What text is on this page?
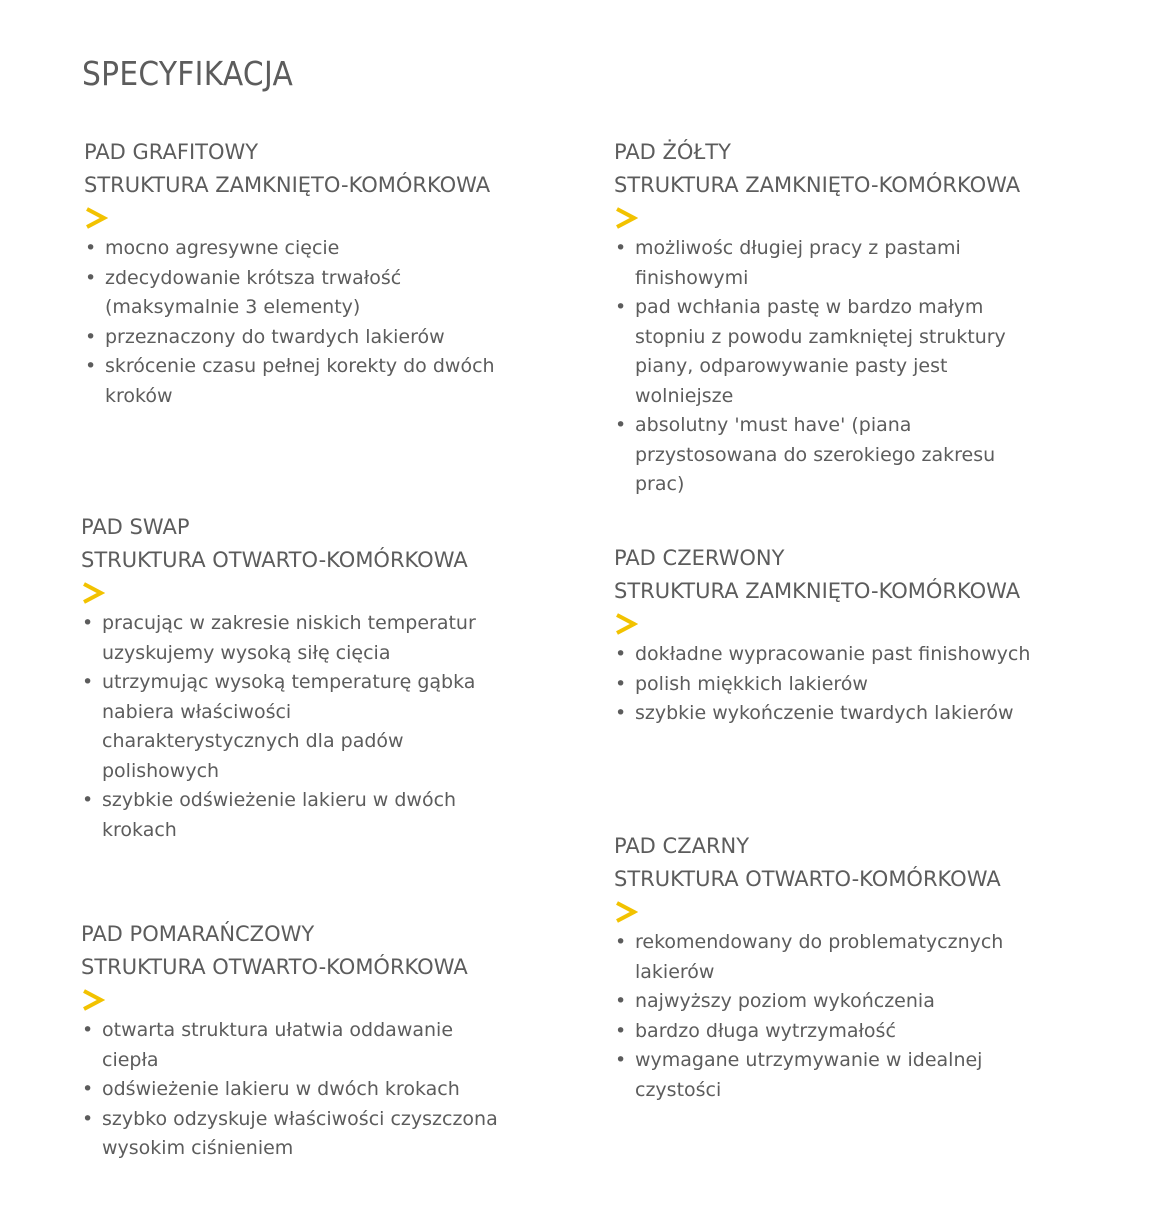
SPECYFIKACJA
PAD GRAFITOWY
STRUKTURA ZAMKNIĘTO-KOMÓRKOWA
• mocno agresywne cięcie
• zdecydowanie krótsza trwałość (maksymalnie 3 elementy)
• przeznaczony do twardych lakierów
• skrócenie czasu pełnej korekty do dwóch kroków
PAD ŻÓŁTY
STRUKTURA ZAMKNIĘTO-KOMÓRKOWA
• możliwośc długiej pracy z pastami finishowymi
• pad wchłania pastę w bardzo małym stopniu z powodu zamkniętej struktury piany, odparowywanie pasty jest wolniejsze
• absolutny 'must have' (piana przystosowana do szerokiego zakresu prac)
PAD SWAP
STRUKTURA OTWARTO-KOMÓRKOWA
• pracując w zakresie niskich temperatur uzyskujemy wysoką siłę cięcia
• utrzymując wysoką temperaturę gąbka nabiera właściwości charakterystycznych dla padów polishowych
• szybkie odświeżenie lakieru w dwóch krokach
PAD CZERWONY
STRUKTURA ZAMKNIĘTO-KOMÓRKOWA
• dokładne wypracowanie past finishowych
• polish miękkich lakierów
• szybkie wykończenie twardych lakierów
PAD POMARAŃCZOWY
STRUKTURA OTWARTO-KOMÓRKOWA
• otwarta struktura ułatwia oddawanie ciepła
• odświeżenie lakieru w dwóch krokach
• szybko odzyskuje właściwości czyszczona wysokim ciśnieniem
PAD CZARNY
STRUKTURA OTWARTO-KOMÓRKOWA
• rekomendowany do problematycznych lakierów
• najwyższy poziom wykończenia
• bardzo długa wytrzymałość
• wymagane utrzymywanie w idealnej czystości
